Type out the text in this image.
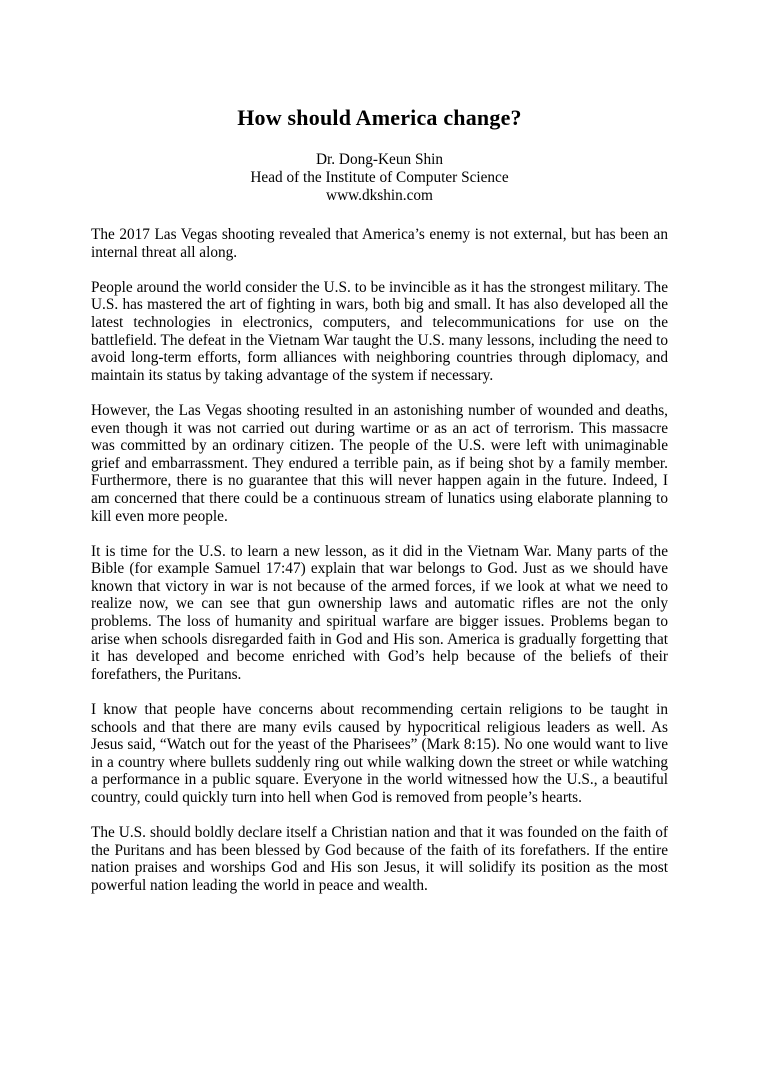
How should America change?
Dr. Dong-Keun Shin
Head of the Institute of Computer Science
www.dkshin.com

The 2017 Las Vegas shooting revealed that America’s enemy is not external, but has been an internal threat all along.

People around the world consider the U.S. to be invincible as it has the strongest military. The U.S. has mastered the art of fighting in wars, both big and small. It has also developed all the latest technologies in electronics, computers, and telecommunications for use on the battlefield. The defeat in the Vietnam War taught the U.S. many lessons, including the need to avoid long-term efforts, form alliances with neighboring countries through diplomacy, and maintain its status by taking advantage of the system if necessary.

However, the Las Vegas shooting resulted in an astonishing number of wounded and deaths, even though it was not carried out during wartime or as an act of terrorism. This massacre was committed by an ordinary citizen. The people of the U.S. were left with unimaginable grief and embarrassment. They endured a terrible pain, as if being shot by a family member. Furthermore, there is no guarantee that this will never happen again in the future. Indeed, I am concerned that there could be a continuous stream of lunatics using elaborate planning to kill even more people.

It is time for the U.S. to learn a new lesson, as it did in the Vietnam War. Many parts of the Bible (for example Samuel 17:47) explain that war belongs to God. Just as we should have known that victory in war is not because of the armed forces, if we look at what we need to realize now, we can see that gun ownership laws and automatic rifles are not the only problems. The loss of humanity and spiritual warfare are bigger issues. Problems began to arise when schools disregarded faith in God and His son. America is gradually forgetting that it has developed and become enriched with God’s help because of the beliefs of their forefathers, the Puritans.

I know that people have concerns about recommending certain religions to be taught in schools and that there are many evils caused by hypocritical religious leaders as well. As Jesus said, “Watch out for the yeast of the Pharisees” (Mark 8:15). No one would want to live in a country where bullets suddenly ring out while walking down the street or while watching a performance in a public square. Everyone in the world witnessed how the U.S., a beautiful country, could quickly turn into hell when God is removed from people’s hearts.

The U.S. should boldly declare itself a Christian nation and that it was founded on the faith of the Puritans and has been blessed by God because of the faith of its forefathers. If the entire nation praises and worships God and His son Jesus, it will solidify its position as the most powerful nation leading the world in peace and wealth.
